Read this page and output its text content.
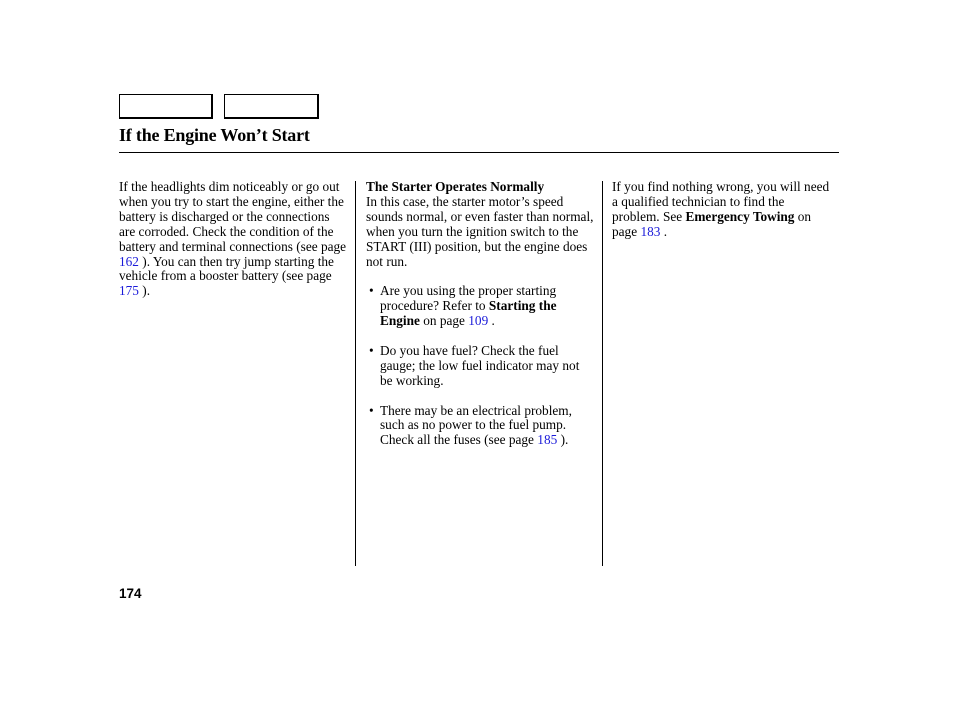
If the Engine Won’t Start

If the headlights dim noticeably or go out when you try to start the engine, either the battery is discharged or the connections are corroded. Check the condition of the battery and terminal connections (see page 162 ). You can then try jump starting the vehicle from a booster battery (see page 175 ).

The Starter Operates Normally

In this case, the starter motor’s speed sounds normal, or even faster than normal, when you turn the ignition switch to the START (III) position, but the engine does not run.

• Are you using the proper starting procedure? Refer to Starting the Engine on page 109 .
• Do you have fuel? Check the fuel gauge; the low fuel indicator may not be working.
• There may be an electrical problem, such as no power to the fuel pump. Check all the fuses (see page 185 ).

If you find nothing wrong, you will need a qualified technician to find the problem. See Emergency Towing on page 183 .

174
